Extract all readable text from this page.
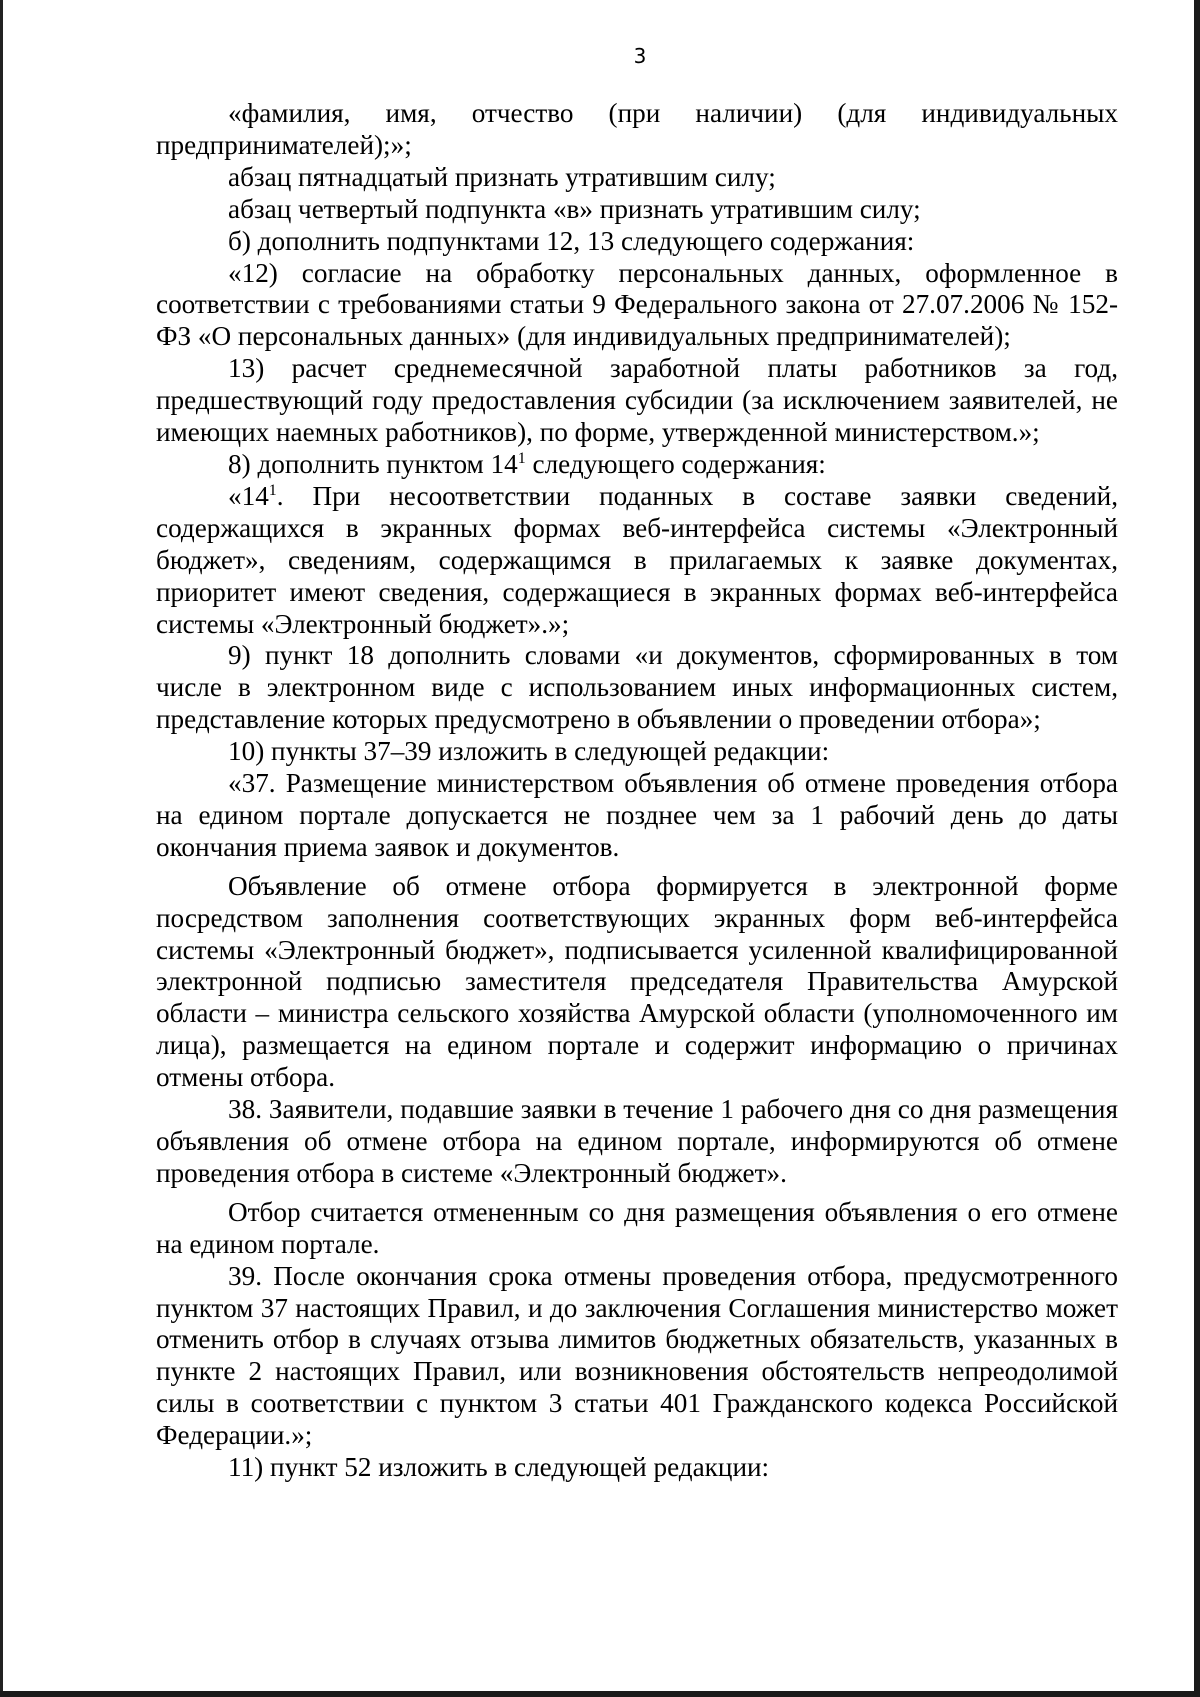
3

«фамилия, имя, отчество (при наличии) (для индивидуальных предпринимателей);»;

абзац пятнадцатый признать утратившим силу;

абзац четвертый подпункта «в» признать утратившим силу;

б) дополнить подпунктами 12, 13 следующего содержания:

«12) согласие на обработку персональных данных, оформленное в соответствии с требованиями статьи 9 Федерального закона от 27.07.2006 № 152-ФЗ «О персональных данных» (для индивидуальных предпринимателей);

13) расчет среднемесячной заработной платы работников за год, предшествующий году предоставления субсидии (за исключением заявителей, не имеющих наемных работников), по форме, утвержденной министерством.»;

8) дополнить пунктом $14^1$ следующего содержания:

«$14^1$. При несоответствии поданных в составе заявки сведений, содержащихся в экранных формах веб-интерфейса системы «Электронный бюджет», сведениям, содержащимся в прилагаемых к заявке документах, приоритет имеют сведения, содержащиеся в экранных формах веб-интерфейса системы «Электронный бюджет».»;

9) пункт 18 дополнить словами «и документов, сформированных в том числе в электронном виде с использованием иных информационных систем, представление которых предусмотрено в объявлении о проведении отбора»;

10) пункты 37–39 изложить в следующей редакции:

«37. Размещение министерством объявления об отмене проведения отбора на едином портале допускается не позднее чем за 1 рабочий день до даты окончания приема заявок и документов.

Объявление об отмене отбора формируется в электронной форме посредством заполнения соответствующих экранных форм веб-интерфейса системы «Электронный бюджет», подписывается усиленной квалифицированной электронной подписью заместителя председателя Правительства Амурской области – министра сельского хозяйства Амурской области (уполномоченного им лица), размещается на едином портале и содержит информацию о причинах отмены отбора.

38. Заявители, подавшие заявки в течение 1 рабочего дня со дня размещения объявления об отмене отбора на едином портале, информируются об отмене проведения отбора в системе «Электронный бюджет».

Отбор считается отмененным со дня размещения объявления о его отмене на едином портале.

39. После окончания срока отмены проведения отбора, предусмотренного пунктом 37 настоящих Правил, и до заключения Соглашения министерство может отменить отбор в случаях отзыва лимитов бюджетных обязательств, указанных в пункте 2 настоящих Правил, или возникновения обстоятельств непреодолимой силы в соответствии с пунктом 3 статьи 401 Гражданского кодекса Российской Федерации.»;

11) пункт 52 изложить в следующей редакции:
